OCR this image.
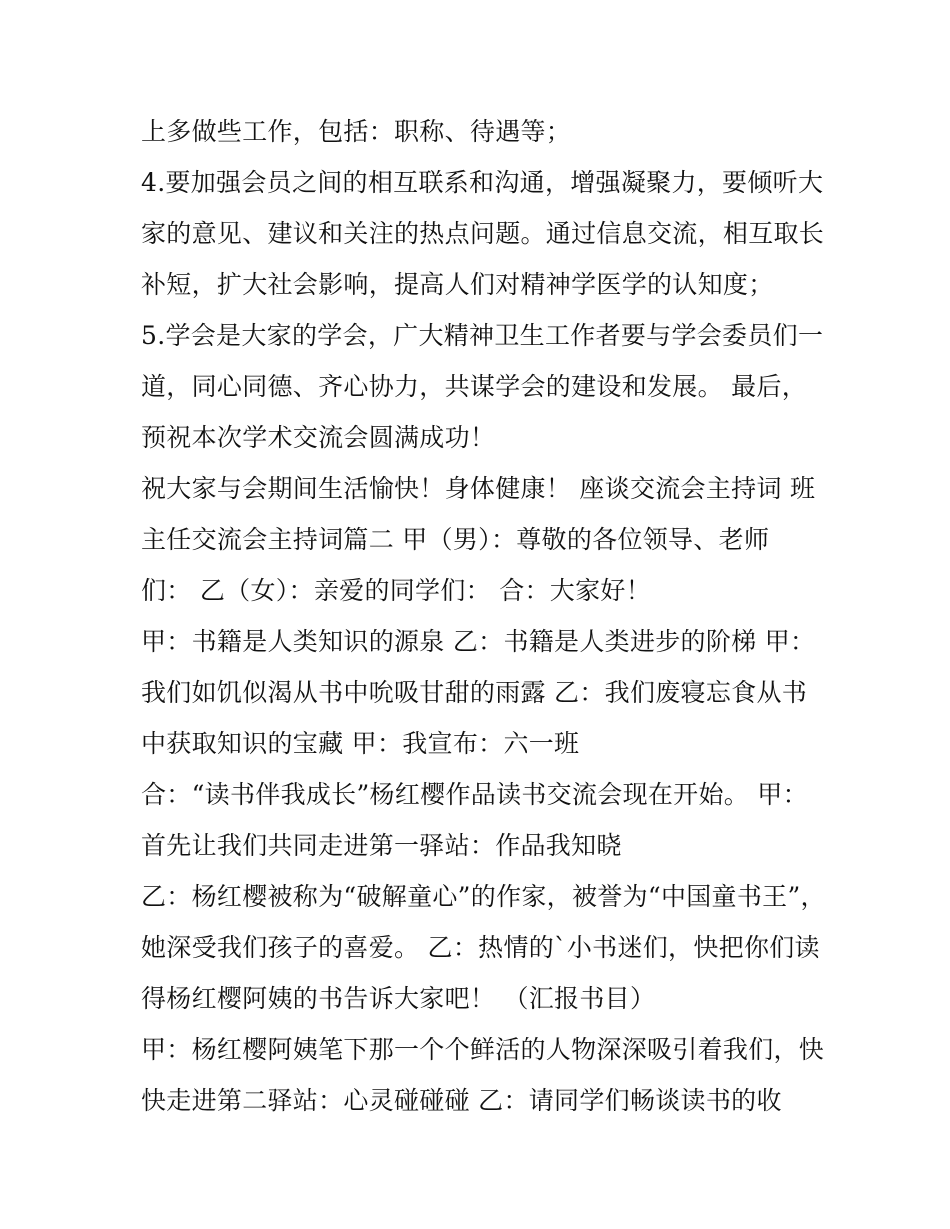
上多做些工作，包括：职称、待遇等；
4.要加强会员之间的相互联系和沟通，增强凝聚力，要倾听大
家的意见、建议和关注的热点问题。通过信息交流，相互取长
补短，扩大社会影响，提高人们对精神学医学的认知度；
5.学会是大家的学会，广大精神卫生工作者要与学会委员们一
道，同心同德、齐心协力，共谋学会的建设和发展。 最后，
预祝本次学术交流会圆满成功！
祝大家与会期间生活愉快！身体健康！ 座谈交流会主持词 班
主任交流会主持词篇二 甲（男）：尊敬的各位领导、老师
们： 乙（女）：亲爱的同学们： 合：大家好！
甲：书籍是人类知识的源泉 乙：书籍是人类进步的阶梯 甲：
我们如饥似渴从书中吮吸甘甜的雨露 乙：我们废寝忘食从书
中获取知识的宝藏 甲：我宣布：六一班
合：“读书伴我成长”杨红樱作品读书交流会现在开始。 甲：
首先让我们共同走进第一驿站：作品我知晓
乙：杨红樱被称为“破解童心”的作家，被誉为“中国童书王”，
她深受我们孩子的喜爱。 乙：热情的`小书迷们，快把你们读
得杨红樱阿姨的书告诉大家吧！ （汇报书目）
甲：杨红樱阿姨笔下那一个个鲜活的人物深深吸引着我们，快
快走进第二驿站：心灵碰碰碰 乙：请同学们畅谈读书的收
